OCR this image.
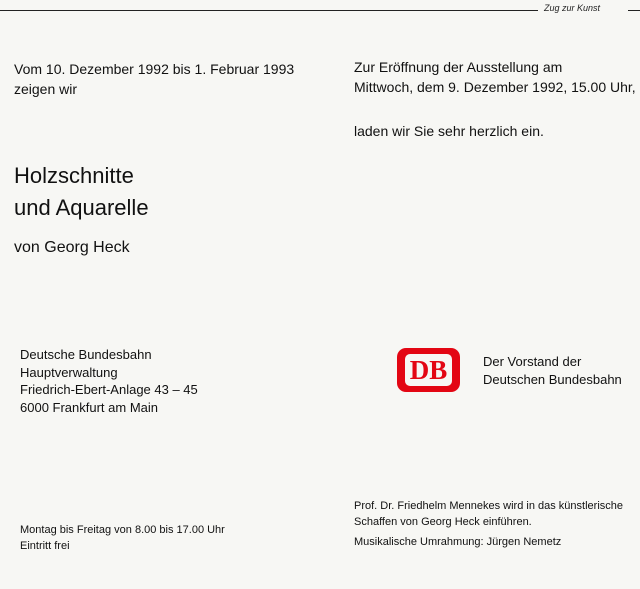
Zug zur Kunst
Vom 10. Dezember 1992 bis 1. Februar 1993
zeigen wir
Holzschnitte
und Aquarelle
von Georg Heck
Deutsche Bundesbahn
Hauptverwaltung
Friedrich-Ebert-Anlage 43 – 45
6000 Frankfurt am Main
Montag bis Freitag von 8.00 bis 17.00 Uhr
Eintritt frei
Zur Eröffnung der Ausstellung am
Mittwoch, dem 9. Dezember 1992, 15.00 Uhr,
laden wir Sie sehr herzlich ein.
DB	Der Vorstand der
Deutschen Bundesbahn
Prof. Dr. Friedhelm Mennekes wird in das künstlerische
Schaffen von Georg Heck einführen.
Musikalische Umrahmung: Jürgen Nemetz
